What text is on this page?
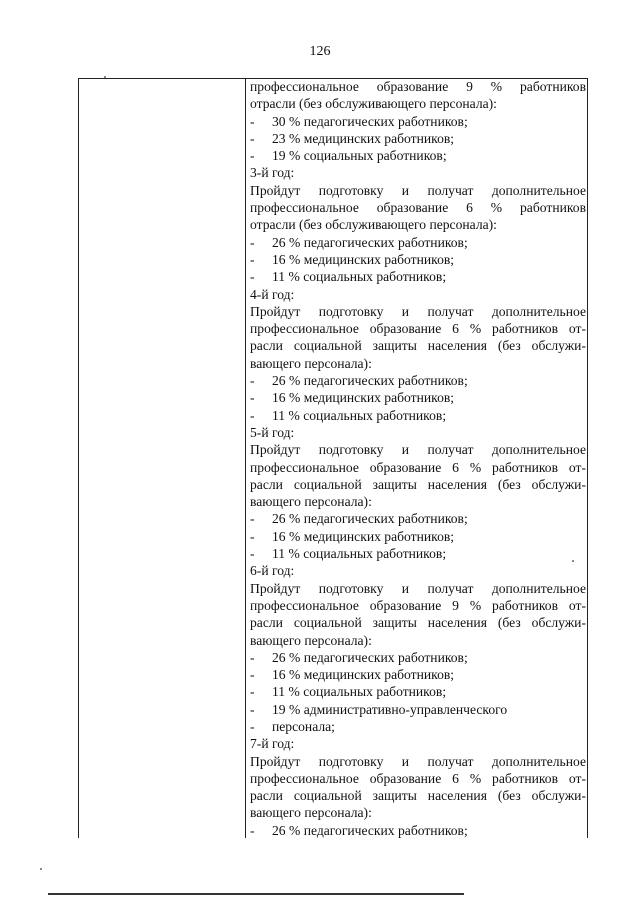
126
профессиональное образование 9 % работников
отрасли (без обслуживающего персонала):
-	30 % педагогических работников;
-	23 % медицинских работников;
-	19 % социальных работников;
3-й год:
Пройдут подготовку и получат дополнительное
профессиональное образование 6 % работников
отрасли (без обслуживающего персонала):
-	26 % педагогических работников;
-	16 % медицинских работников;
-	11 % социальных работников;
4-й год:
Пройдут подготовку и получат дополнительное
профессиональное образование 6 % работников от-
расли социальной защиты населения (без обслужи-
вающего персонала):
-	26 % педагогических работников;
-	16 % медицинских работников;
-	11 % социальных работников;
5-й год:
Пройдут подготовку и получат дополнительное
профессиональное образование 6 % работников от-
расли социальной защиты населения (без обслужи-
вающего персонала):
-	26 % педагогических работников;
-	16 % медицинских работников;
-	11 % социальных работников;
6-й год:
Пройдут подготовку и получат дополнительное
профессиональное образование 9 % работников от-
расли социальной защиты населения (без обслужи-
вающего персонала):
-	26 % педагогических работников;
-	16 % медицинских работников;
-	11 % социальных работников;
-	19 % административно-управленческого
-	персонала;
7-й год:
Пройдут подготовку и получат дополнительное
профессиональное образование 6 % работников от-
расли социальной защиты населения (без обслужи-
вающего персонала):
-	26 % педагогических работников;
